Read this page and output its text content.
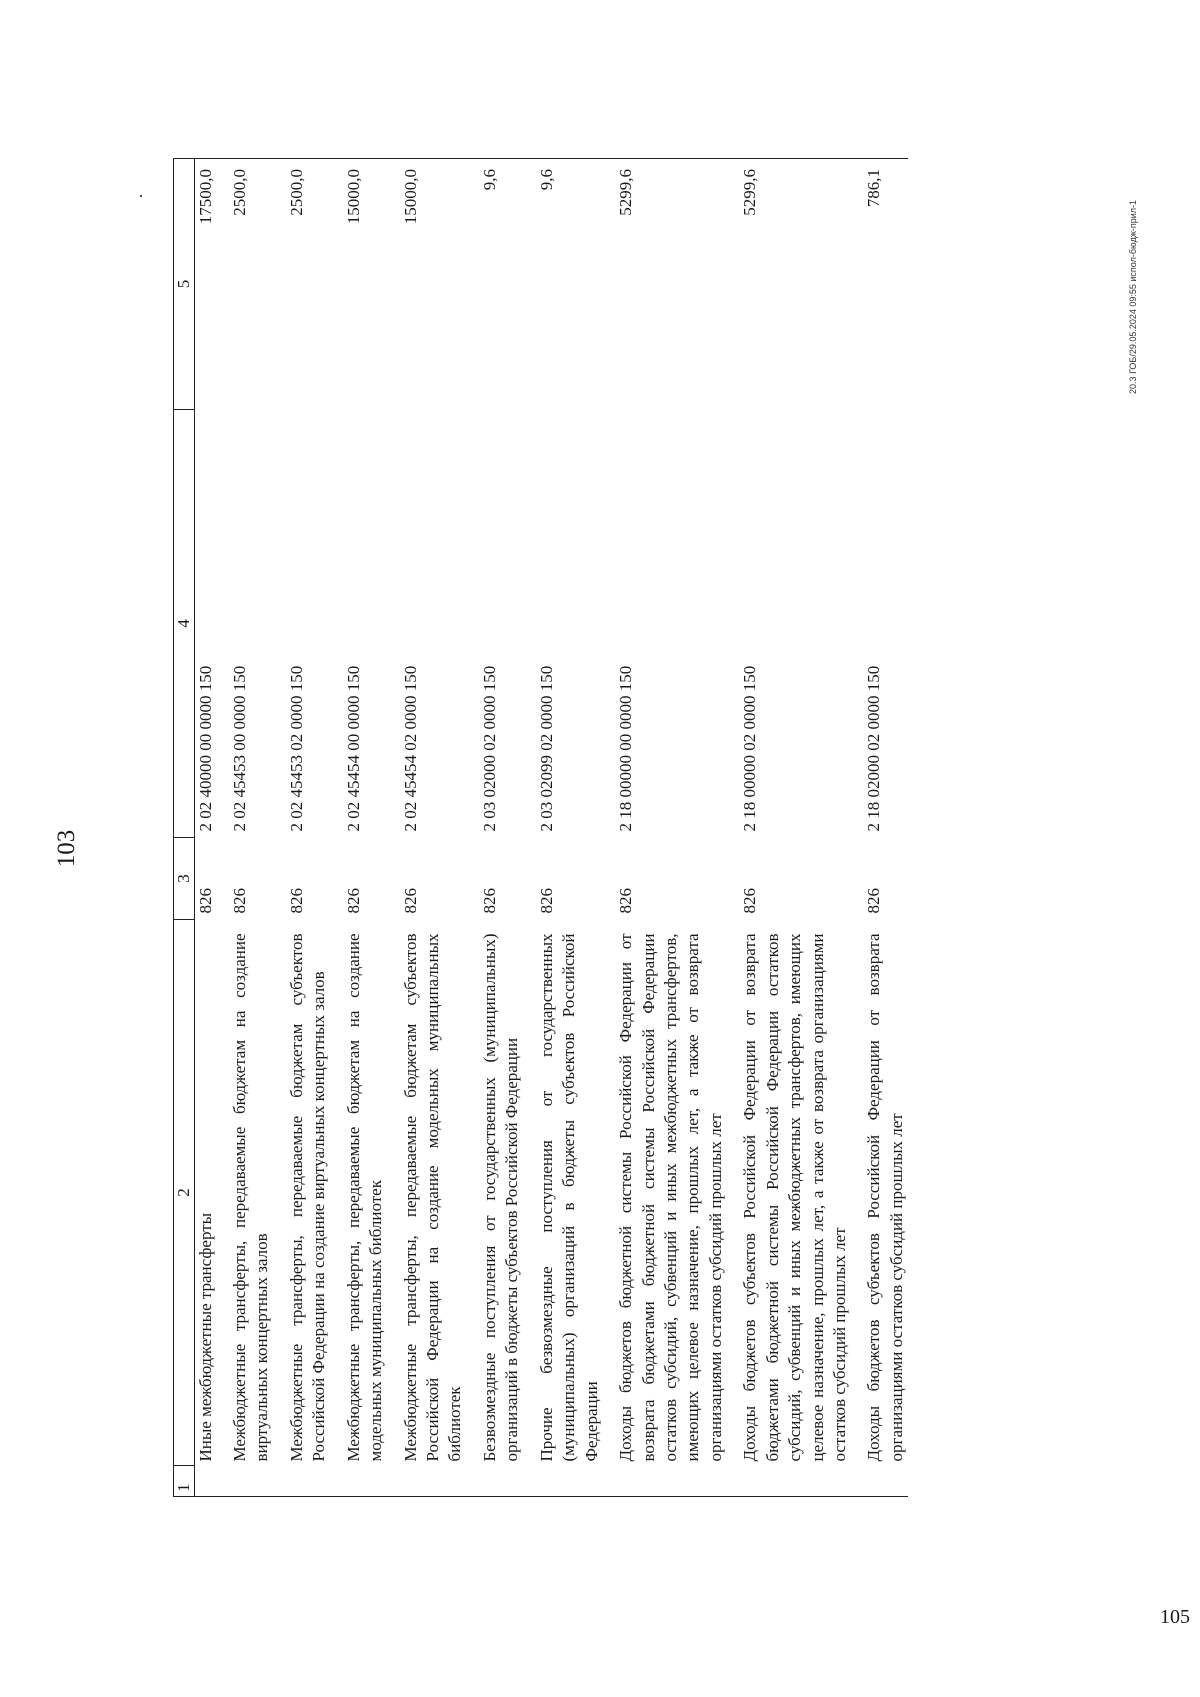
103
1	2	3	4	5
	Иные межбюджетные трансферты	826	2 02 40000 00 0000 150	17500,0

	Межбюджетные трансферты, передаваемые бюджетам на создание виртуальных концертных залов	826	2 02 45453 00 0000 150	2500,0

	Межбюджетные трансферты, передаваемые бюджетам субъектов Российской Федерации на создание виртуальных концертных залов	826	2 02 45453 02 0000 150	2500,0

	Межбюджетные трансферты, передаваемые бюджетам на создание модельных муниципальных библиотек	826	2 02 45454 00 0000 150	15000,0

	Межбюджетные трансферты, передаваемые бюджетам субъектов Российской Федерации на создание модельных муниципальных библиотек	826	2 02 45454 02 0000 150	15000,0

	Безвозмездные поступления от государственных (муниципальных) организаций в бюджеты субъектов Российской Федерации	826	2 03 02000 02 0000 150	9,6

	Прочие безвозмездные поступления от государственных (муниципальных) организаций в бюджеты субъектов Российской Федерации	826	2 03 02099 02 0000 150	9,6

	Доходы бюджетов бюджетной системы Российской Федерации от возврата бюджетами бюджетной системы Российской Федерации остатков субсидий, субвенций и иных межбюджетных трансфертов, имеющих целевое назначение, прошлых лет, а также от возврата организациями остатков субсидий прошлых лет	826	2 18 00000 00 0000 150	5299,6

	Доходы бюджетов субъектов Российской Федерации от возврата бюджетами бюджетной системы Российской Федерации остатков субсидий, субвенций и иных межбюджетных трансфертов, имеющих целевое назначение, прошлых лет, а также от возврата организациями остатков субсидий прошлых лет	826	2 18 00000 02 0000 150	5299,6

	Доходы бюджетов субъектов Российской Федерации от возврата организациями остатков субсидий прошлых лет	826	2 18 02000 02 0000 150	786,1
20.3 ГОБ/29.05.2024 09:55 испол-бюдж-прил-1
105
